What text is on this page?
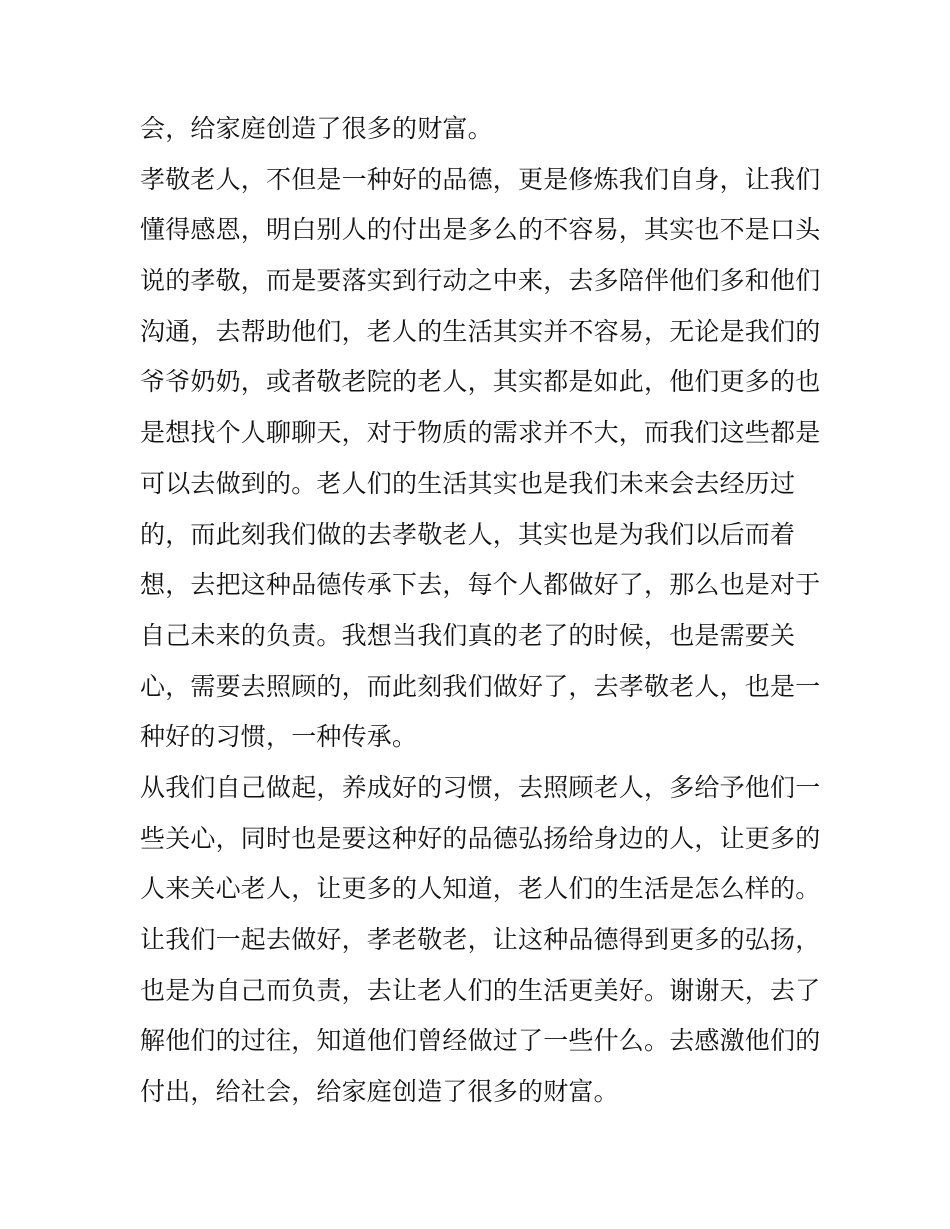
会，给家庭创造了很多的财富。
孝敬老人，不但是一种好的品德，更是修炼我们自身，让我们
懂得感恩，明白别人的付出是多么的不容易，其实也不是口头
说的孝敬，而是要落实到行动之中来，去多陪伴他们多和他们
沟通，去帮助他们，老人的生活其实并不容易，无论是我们的
爷爷奶奶，或者敬老院的老人，其实都是如此，他们更多的也
是想找个人聊聊天，对于物质的需求并不大，而我们这些都是
可以去做到的。老人们的生活其实也是我们未来会去经历过
的，而此刻我们做的去孝敬老人，其实也是为我们以后而着
想，去把这种品德传承下去，每个人都做好了，那么也是对于
自己未来的负责。我想当我们真的老了的时候，也是需要关
心，需要去照顾的，而此刻我们做好了，去孝敬老人，也是一
种好的习惯，一种传承。
从我们自己做起，养成好的习惯，去照顾老人，多给予他们一
些关心，同时也是要这种好的品德弘扬给身边的人，让更多的
人来关心老人，让更多的人知道，老人们的生活是怎么样的。
让我们一起去做好，孝老敬老，让这种品德得到更多的弘扬，
也是为自己而负责，去让老人们的生活更美好。谢谢天，去了
解他们的过往，知道他们曾经做过了一些什么。去感激他们的
付出，给社会，给家庭创造了很多的财富。
